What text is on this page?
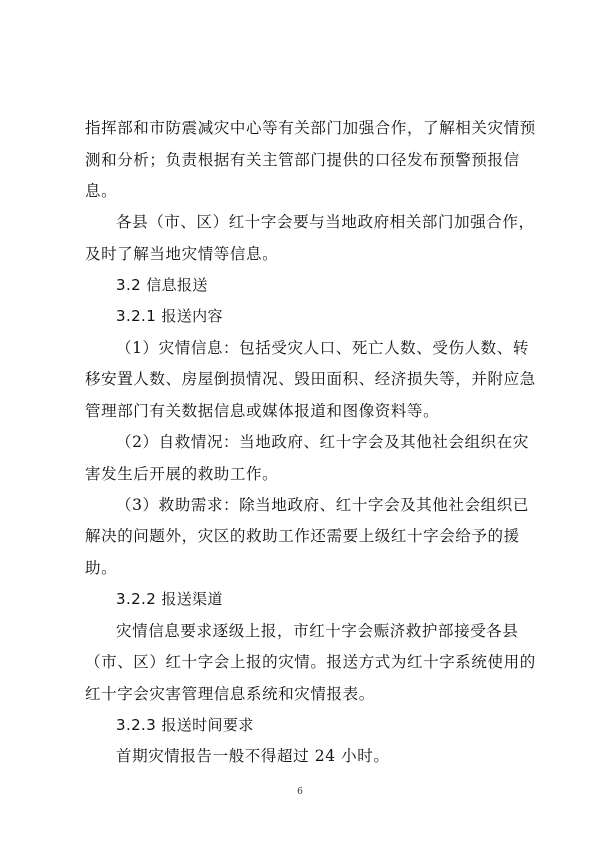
指挥部和市防震减灾中心等有关部门加强合作，了解相关灾情预
测和分析；负责根据有关主管部门提供的口径发布预警预报信
息。
各县（市、区）红十字会要与当地政府相关部门加强合作，
及时了解当地灾情等信息。
3.2 信息报送
3.2.1 报送内容
（1）灾情信息：包括受灾人口、死亡人数、受伤人数、转
移安置人数、房屋倒损情况、毁田面积、经济损失等，并附应急
管理部门有关数据信息或媒体报道和图像资料等。
（2）自救情况：当地政府、红十字会及其他社会组织在灾
害发生后开展的救助工作。
（3）救助需求：除当地政府、红十字会及其他社会组织已
解决的问题外，灾区的救助工作还需要上级红十字会给予的援
助。
3.2.2 报送渠道
灾情信息要求逐级上报，市红十字会赈济救护部接受各县
（市、区）红十字会上报的灾情。报送方式为红十字系统使用的
红十字会灾害管理信息系统和灾情报表。
3.2.3 报送时间要求
首期灾情报告一般不得超过 24 小时。
6
